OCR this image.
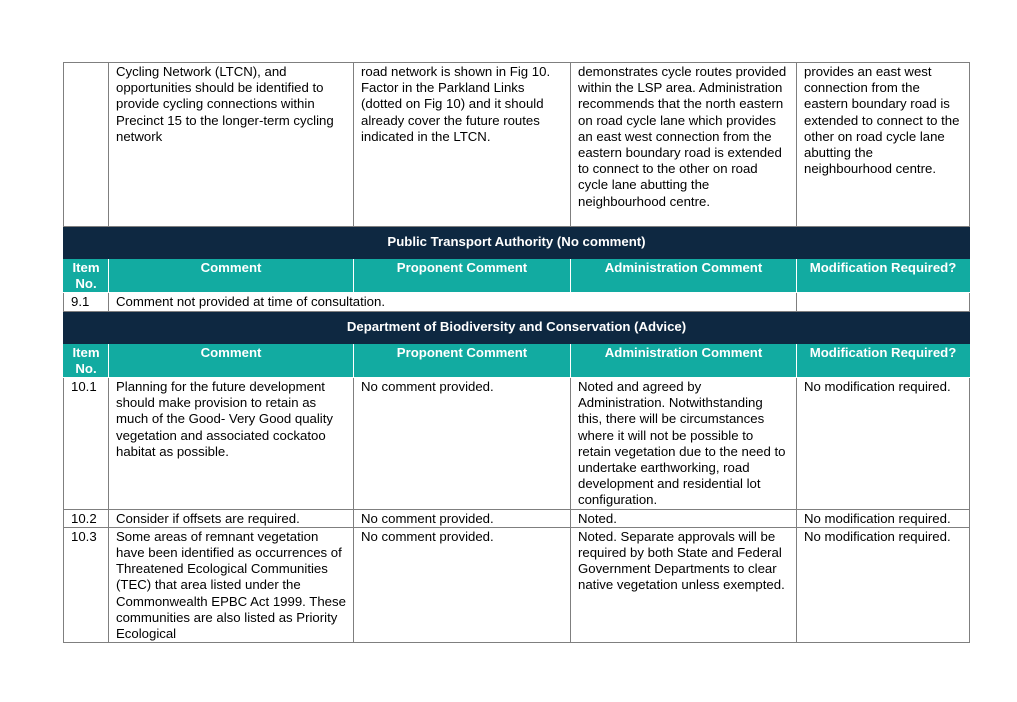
	Cycling Network (LTCN), and opportunities should be identified to provide cycling connections within Precinct 15 to the longer-term cycling network	road network is shown in Fig 10. Factor in the Parkland Links (dotted on Fig 10) and it should already cover the future routes indicated in the LTCN.	demonstrates cycle routes provided within the LSP area. Administration recommends that the north eastern on road cycle lane which provides an east west connection from the eastern boundary road is extended to connect to the other on road cycle lane abutting the neighbourhood centre.	provides an east west connection from the eastern boundary road is extended to connect to the other on road cycle lane abutting the neighbourhood centre.
Public Transport Authority (No comment)				
Item No.	Comment	Proponent Comment	Administration Comment	Modification Required?
9.1	Comment not provided at time of consultation.			
Department of Biodiversity and Conservation (Advice)				
Item No.	Comment	Proponent Comment	Administration Comment	Modification Required?
10.1	Planning for the future development should make provision to retain as much of the Good- Very Good quality vegetation and associated cockatoo habitat as possible.	No comment provided.	Noted and agreed by Administration. Notwithstanding this, there will be circumstances where it will not be possible to retain vegetation due to the need to undertake earthworking, road development and residential lot configuration.	No modification required.
10.2	Consider if offsets are required.	No comment provided.	Noted.	No modification required.
10.3	Some areas of remnant vegetation have been identified as occurrences of Threatened Ecological Communities (TEC) that area listed under the Commonwealth EPBC Act 1999. These communities are also listed as Priority Ecological	No comment provided.	Noted. Separate approvals will be required by both State and Federal Government Departments to clear native vegetation unless exempted.	No modification required.
